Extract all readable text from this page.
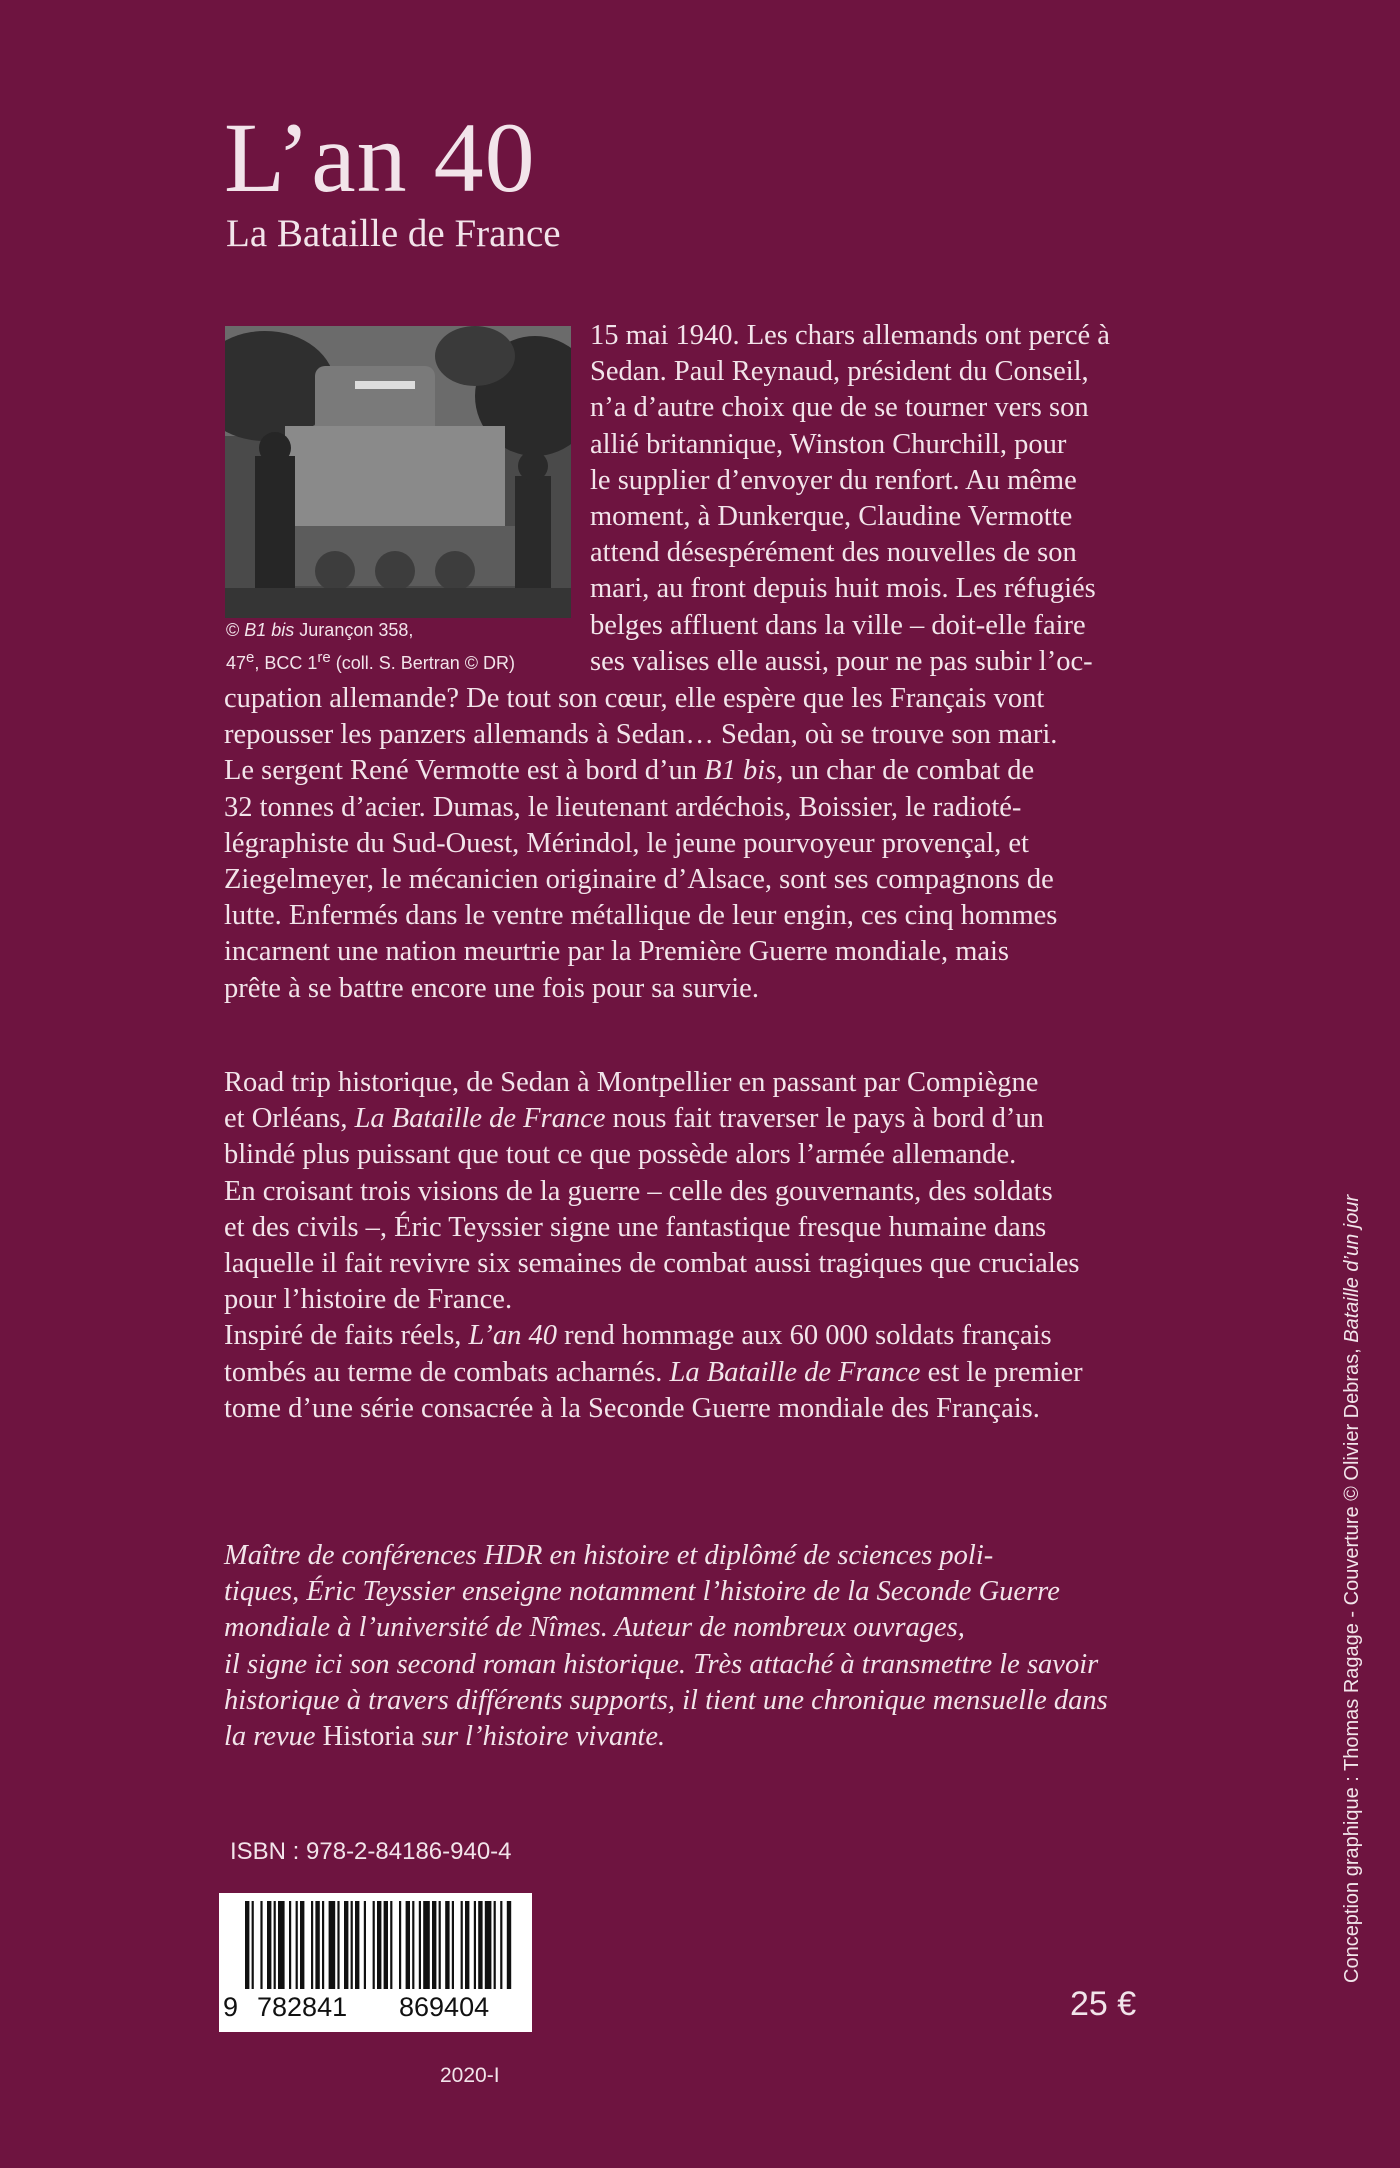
L’an 40
La Bataille de France
© B1 bis Jurançon 358,
47e, BCC 1re (coll. S. Bertran © DR)
15 mai 1940. Les chars allemands ont percé à
Sedan. Paul Reynaud, président du Conseil,
n’a d’autre choix que de se tourner vers son
allié britannique, Winston Churchill, pour
le supplier d’envoyer du renfort. Au même
moment, à Dunkerque, Claudine Vermotte
attend désespérément des nouvelles de son
mari, au front depuis huit mois. Les réfugiés
belges affluent dans la ville – doit-elle faire
ses valises elle aussi, pour ne pas subir l’oc-
cupation allemande? De tout son cœur, elle espère que les Français vont
repousser les panzers allemands à Sedan… Sedan, où se trouve son mari.
Le sergent René Vermotte est à bord d’un B1 bis, un char de combat de
32 tonnes d’acier. Dumas, le lieutenant ardéchois, Boissier, le radioté-
légraphiste du Sud-Ouest, Mérindol, le jeune pourvoyeur provençal, et
Ziegelmeyer, le mécanicien originaire d’Alsace, sont ses compagnons de
lutte. Enfermés dans le ventre métallique de leur engin, ces cinq hommes
incarnent une nation meurtrie par la Première Guerre mondiale, mais
prête à se battre encore une fois pour sa survie.
Road trip historique, de Sedan à Montpellier en passant par Compiègne
et Orléans, La Bataille de France nous fait traverser le pays à bord d’un
blindé plus puissant que tout ce que possède alors l’armée allemande.
En croisant trois visions de la guerre – celle des gouvernants, des soldats
et des civils –, Éric Teyssier signe une fantastique fresque humaine dans
laquelle il fait revivre six semaines de combat aussi tragiques que cruciales
pour l’histoire de France.
Inspiré de faits réels, L’an 40 rend hommage aux 60 000 soldats français
tombés au terme de combats acharnés. La Bataille de France est le premier
tome d’une série consacrée à la Seconde Guerre mondiale des Français.
Maître de conférences HDR en histoire et diplômé de sciences poli-
tiques, Éric Teyssier enseigne notamment l’histoire de la Seconde Guerre
mondiale à l’université de Nîmes. Auteur de nombreux ouvrages,
il signe ici son second roman historique. Très attaché à transmettre le savoir
historique à travers différents supports, il tient une chronique mensuelle dans
la revue Historia sur l’histoire vivante.
ISBN : 978-2-84186-940-4
9 782841 869404	25 €
2020-I
Conception graphique : Thomas Ragage - Couverture © Olivier Debras, Bataille d’un jour
